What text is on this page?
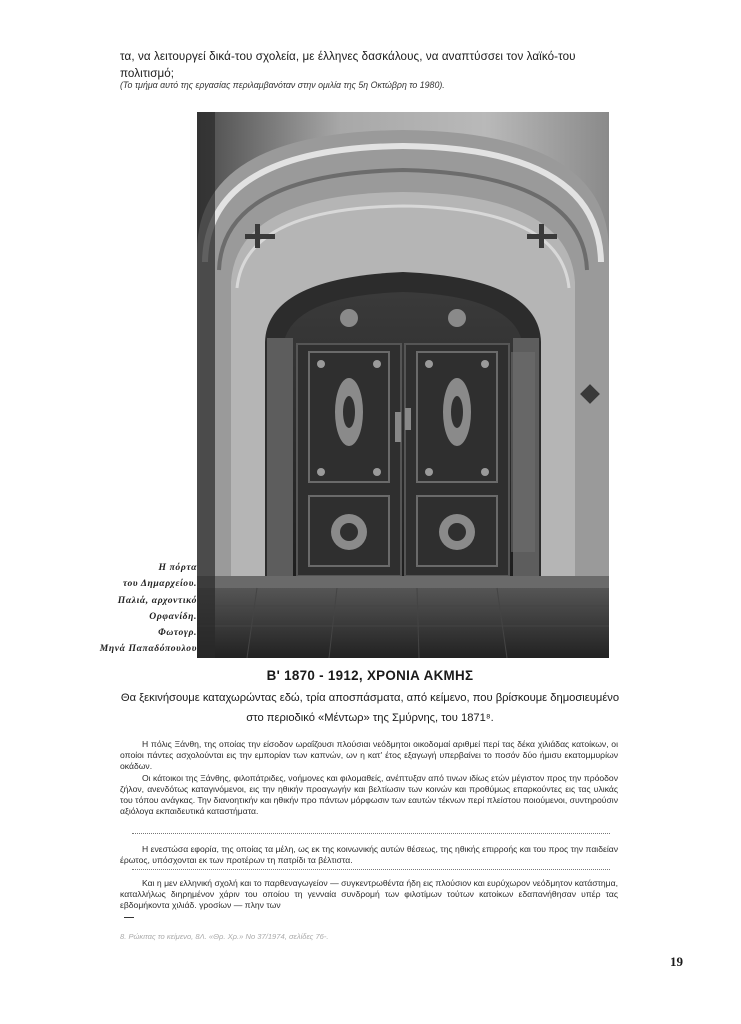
τα, να λειτουργεί δικά-του σχολεία, με έλληνες δασκάλους, να αναπτύσσει τον λαϊκό-του πολιτισμό;
(Το τμήμα αυτό της εργασίας περιλαμβανόταν στην ομιλία της 5η Οκτώβρη το 1980).
Η πόρτα
του Δημαρχείου.
Παλιά, αρχοντικό
Ορφανίδη.
Φωτογρ.
Μηνά Παπαδόπουλου
Β' 1870 - 1912, ΧΡΟΝΙΑ ΑΚΜΗΣ
Θα ξεκινήσουμε καταχωρώντας εδώ, τρία αποσπάσματα, από κείμενο, που βρίσκουμε δημοσιευμένο στο περιοδικό «Μέντωρ» της Σμύρνης, του 1871⁸.

Η πόλις Ξάνθη, της οποίας την είσοδον ωραΐζουσι πλούσιαι νεόδμητοι οικοδομαί αριθμεί περί τας δέκα χιλιάδας κατοίκων, οι οποίοι πάντες ασχολούνται εις την εμπορίαν των καπνών, ων η κατ' έτος εξαγωγή υπερβαίνει το ποσόν δύο ήμισυ εκατομμυρίων οκάδων.

Οι κάτοικοι της Ξάνθης, φιλοπάτριδες, νοήμονες και φιλομαθείς, ανέπτυξαν από τινων ιδίως ετών μέγιστον προς την πρόοδον ζήλον, ανενδότως καταγινόμενοι, εις την ηθικήν προαγωγήν και βελτίωσιν των κοινών και προθύμως επαρκούντες εις τας υλικάς του τόπου ανάγκας. Την διανοητικήν και ηθικήν προ πάντων μόρφωσιν των εαυτών τέκνων περί πλείστου ποιούμενοι, συντηρούσιν αξιόλογα εκπαιδευτικά καταστήματα.

Η ενεστώσα εφορία, της οποίας τα μέλη, ως εκ της κοινωνικής αυτών θέσεως, της ηθικής επιρροής και του προς την παιδείαν έρωτος, υπόσχονται εκ των προτέρων τη πατρίδι τα βέλτιστα.

Και η μεν ελληνική σχολή και το παρθεναγωγείον — συγκεντρωθέντα ήδη εις πλούσιον και ευρύχωρον νεόδμητον κατάστημα, καταλλήλως διηρημένον χάριν του οποίου τη γενναία συνδρομή των φιλοτίμων τούτων κατοίκων εδαπανήθησαν υπέρ τας εβδομήκοντα χιλιάδ. γροσίων — πλην των

8. Ρώκιτας το κείμενο, 8Λ. «Θρ. Χρ.» Νο 37/1974, σελίδες 76-.
19
